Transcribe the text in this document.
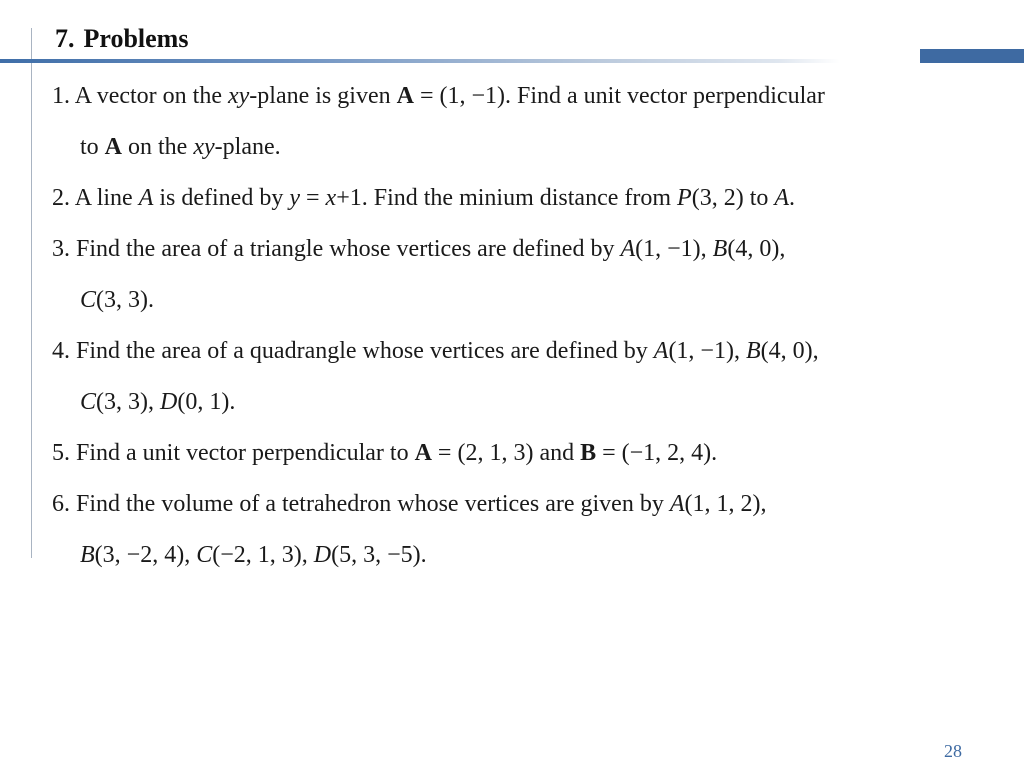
7. Problems
1. A vector on the xy-plane is given A = (1, −1). Find a unit vector perpendicular
to A on the xy-plane.
2. A line A is defined by y = x+1. Find the minium distance from P(3, 2) to A.
3. Find the area of a triangle whose vertices are defined by A(1, −1), B(4, 0),
C(3, 3).
4. Find the area of a quadrangle whose vertices are defined by A(1, −1), B(4, 0),
C(3, 3), D(0, 1).
5. Find a unit vector perpendicular to A = (2, 1, 3) and B = (−1, 2, 4).
6. Find the volume of a tetrahedron whose vertices are given by A(1, 1, 2),
B(3, −2, 4), C(−2, 1, 3), D(5, 3, −5).
28
